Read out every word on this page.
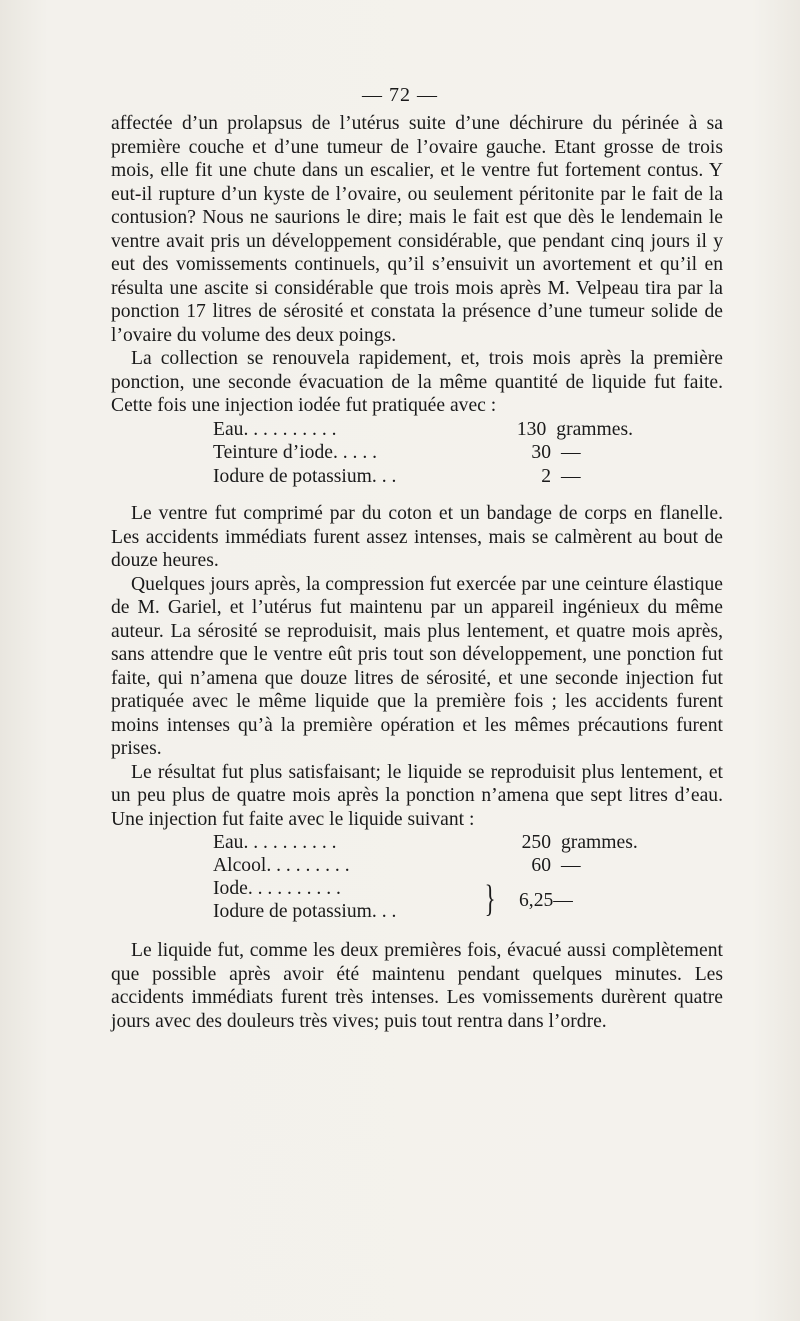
— 72 —

affectée d’un prolapsus de l’utérus suite d’une déchirure du périnée à sa première couche et d’une tumeur de l’ovaire gauche. Etant grosse de trois mois, elle fit une chute dans un escalier, et le ventre fut fortement contus. Y eut-il rupture d’un kyste de l’ovaire, ou seulement péritonite par le fait de la contusion? Nous ne saurions le dire; mais le fait est que dès le lendemain le ventre avait pris un développement considérable, que pendant cinq jours il y eut des vomissements continuels, qu’il s’ensuivit un avortement et qu’il en résulta une ascite si considérable que trois mois après M. Velpeau tira par la ponction 17 litres de sérosité et constata la présence d’une tumeur solide de l’ovaire du volume des deux poings.

La collection se renouvela rapidement, et, trois mois après la première ponction, une seconde évacuation de la même quantité de liquide fut faite. Cette fois une injection iodée fut pratiquée avec :

Eau. . . . . . . . . .	130 grammes.
Teinture d’iode. . . . .	30 —
Iodure de potassium. . .	2 —

Le ventre fut comprimé par du coton et un bandage de corps en flanelle. Les accidents immédiats furent assez intenses, mais se calmèrent au bout de douze heures.

Quelques jours après, la compression fut exercée par une ceinture élastique de M. Gariel, et l’utérus fut maintenu par un appareil ingénieux du même auteur. La sérosité se reproduisit, mais plus lentement, et quatre mois après, sans attendre que le ventre eût pris tout son développement, une ponction fut faite, qui n’amena que douze litres de sérosité, et une seconde injection fut pratiquée avec le même liquide que la première fois ; les accidents furent moins intenses qu’à la première opération et les mêmes précautions furent prises.

Le résultat fut plus satisfaisant; le liquide se reproduisit plus lentement, et un peu plus de quatre mois après la ponction n’amena que sept litres d’eau. Une injection fut faite avec le liquide suivant :

Eau. . . . . . . . . .	250 grammes.
Alcool. . . . . . . . .	60 —
Iode. . . . . . . . . .
Iodure de potassium. . .	} 6,25—

Le liquide fut, comme les deux premières fois, évacué aussi complètement que possible après avoir été maintenu pendant quelques minutes. Les accidents immédiats furent très intenses. Les vomissements durèrent quatre jours avec des douleurs très vives; puis tout rentra dans l’ordre.
